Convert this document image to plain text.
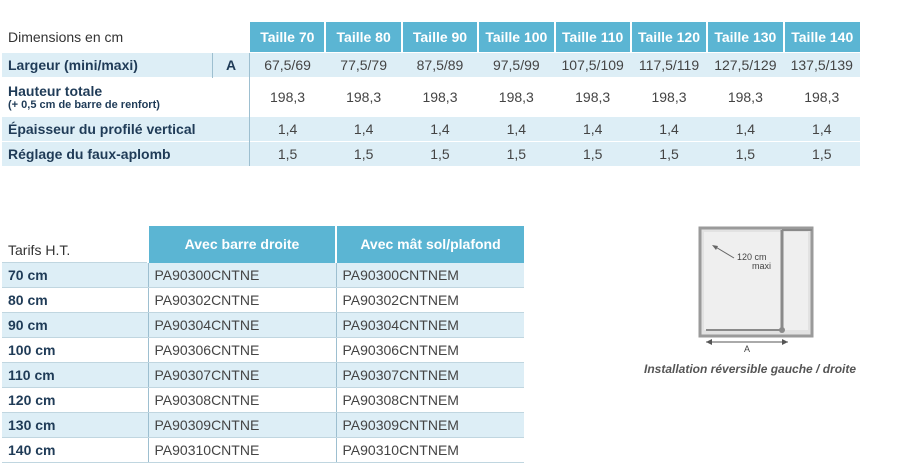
Dimensions en cm		Taille 70	Taille 80	Taille 90	Taille 100	Taille 110	Taille 120	Taille 130	Taille 140
Largeur (mini/maxi)	A	67,5/69	77,5/79	87,5/89	97,5/99	107,5/109	117,5/119	127,5/129	137,5/139
Hauteur totale
(+ 0,5 cm de barre de renfort)		198,3	198,3	198,3	198,3	198,3	198,3	198,3	198,3
Épaisseur du profilé vertical		1,4	1,4	1,4	1,4	1,4	1,4	1,4	1,4
Réglage du faux-aplomb		1,5	1,5	1,5	1,5	1,5	1,5	1,5	1,5
Tarifs H.T.	Avec barre droite	Avec mât sol/plafond
70 cm	PA90300CNTNE	PA90300CNTNEM
80 cm	PA90302CNTNE	PA90302CNTNEM
90 cm	PA90304CNTNE	PA90304CNTNEM
100 cm	PA90306CNTNE	PA90306CNTNEM
110 cm	PA90307CNTNE	PA90307CNTNEM
120 cm	PA90308CNTNE	PA90308CNTNEM
130 cm	PA90309CNTNE	PA90309CNTNEM
140 cm	PA90310CNTNE	PA90310CNTNEM
120 cm
maxi
A
Installation réversible gauche / droite
